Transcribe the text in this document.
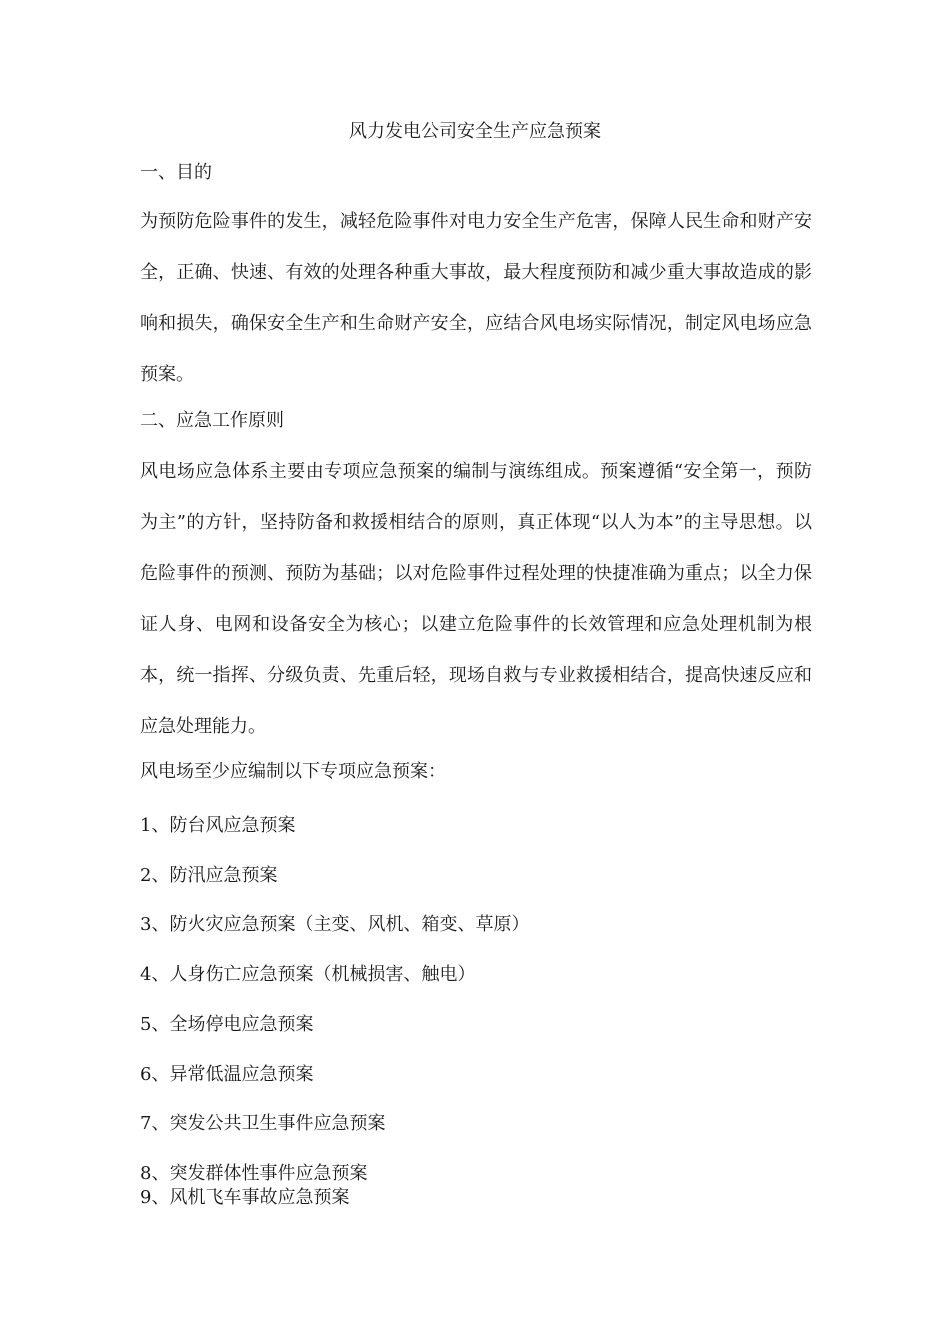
风力发电公司安全生产应急预案

一、目的

为预防危险事件的发生，减轻危险事件对电力安全生产危害，保障人民生命和财产安全，正确、快速、有效的处理各种重大事故，最大程度预防和减少重大事故造成的影响和损失，确保安全生产和生命财产安全，应结合风电场实际情况，制定风电场应急预案。

二、应急工作原则

风电场应急体系主要由专项应急预案的编制与演练组成。预案遵循“安全第一，预防为主”的方针，坚持防备和救援相结合的原则，真正体现“以人为本”的主导思想。以危险事件的预测、预防为基础；以对危险事件过程处理的快捷准确为重点；以全力保证人身、电网和设备安全为核心；以建立危险事件的长效管理和应急处理机制为根本，统一指挥、分级负责、先重后轻，现场自救与专业救援相结合，提高快速反应和应急处理能力。

风电场至少应编制以下专项应急预案：

1、防台风应急预案

2、防汛应急预案

3、防火灾应急预案（主变、风机、箱变、草原）

4、人身伤亡应急预案（机械损害、触电）

5、全场停电应急预案

6、异常低温应急预案

7、突发公共卫生事件应急预案

8、突发群体性事件应急预案

9、风机飞车事故应急预案
